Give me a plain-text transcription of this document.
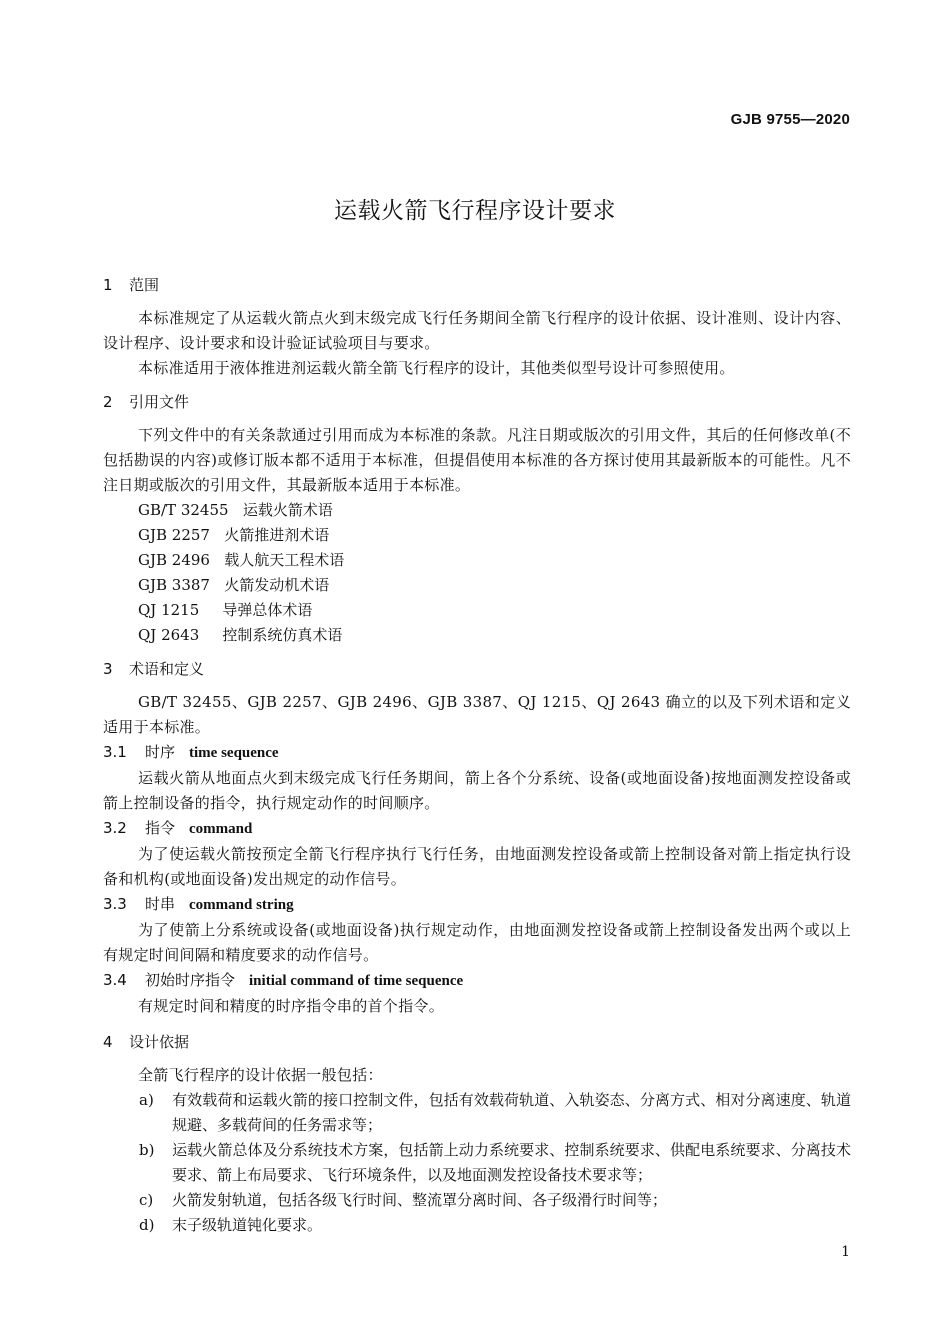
GJB 9755—2020
运载火箭飞行程序设计要求
1 范围
本标准规定了从运载火箭点火到末级完成飞行任务期间全箭飞行程序的设计依据、设计准则、设计内容、设计程序、设计要求和设计验证试验项目与要求。
本标准适用于液体推进剂运载火箭全箭飞行程序的设计，其他类似型号设计可参照使用。
2 引用文件
下列文件中的有关条款通过引用而成为本标准的条款。凡注日期或版次的引用文件，其后的任何修改单(不包括勘误的内容)或修订版本都不适用于本标准，但提倡使用本标准的各方探讨使用其最新版本的可能性。凡不注日期或版次的引用文件，其最新版本适用于本标准。
GB/T 32455 运载火箭术语
GJB 2257 火箭推进剂术语
GJB 2496 载人航天工程术语
GJB 3387 火箭发动机术语
QJ 1215 导弹总体术语
QJ 2643 控制系统仿真术语
3 术语和定义
GB/T 32455、GJB 2257、GJB 2496、GJB 3387、QJ 1215、QJ 2643 确立的以及下列术语和定义适用于本标准。
3.1 时序 time sequence
运载火箭从地面点火到末级完成飞行任务期间，箭上各个分系统、设备(或地面设备)按地面测发控设备或箭上控制设备的指令，执行规定动作的时间顺序。
3.2 指令 command
为了使运载火箭按预定全箭飞行程序执行飞行任务，由地面测发控设备或箭上控制设备对箭上指定执行设备和机构(或地面设备)发出规定的动作信号。
3.3 时串 command string
为了使箭上分系统或设备(或地面设备)执行规定动作，由地面测发控设备或箭上控制设备发出两个或以上有规定时间间隔和精度要求的动作信号。
3.4 初始时序指令 initial command of time sequence
有规定时间和精度的时序指令串的首个指令。
4 设计依据
全箭飞行程序的设计依据一般包括：
a) 有效载荷和运载火箭的接口控制文件，包括有效载荷轨道、入轨姿态、分离方式、相对分离速度、轨道规避、多载荷间的任务需求等；
b) 运载火箭总体及分系统技术方案，包括箭上动力系统要求、控制系统要求、供配电系统要求、分离技术要求、箭上布局要求、飞行环境条件，以及地面测发控设备技术要求等；
c) 火箭发射轨道，包括各级飞行时间、整流罩分离时间、各子级滑行时间等；
d) 末子级轨道钝化要求。
1
